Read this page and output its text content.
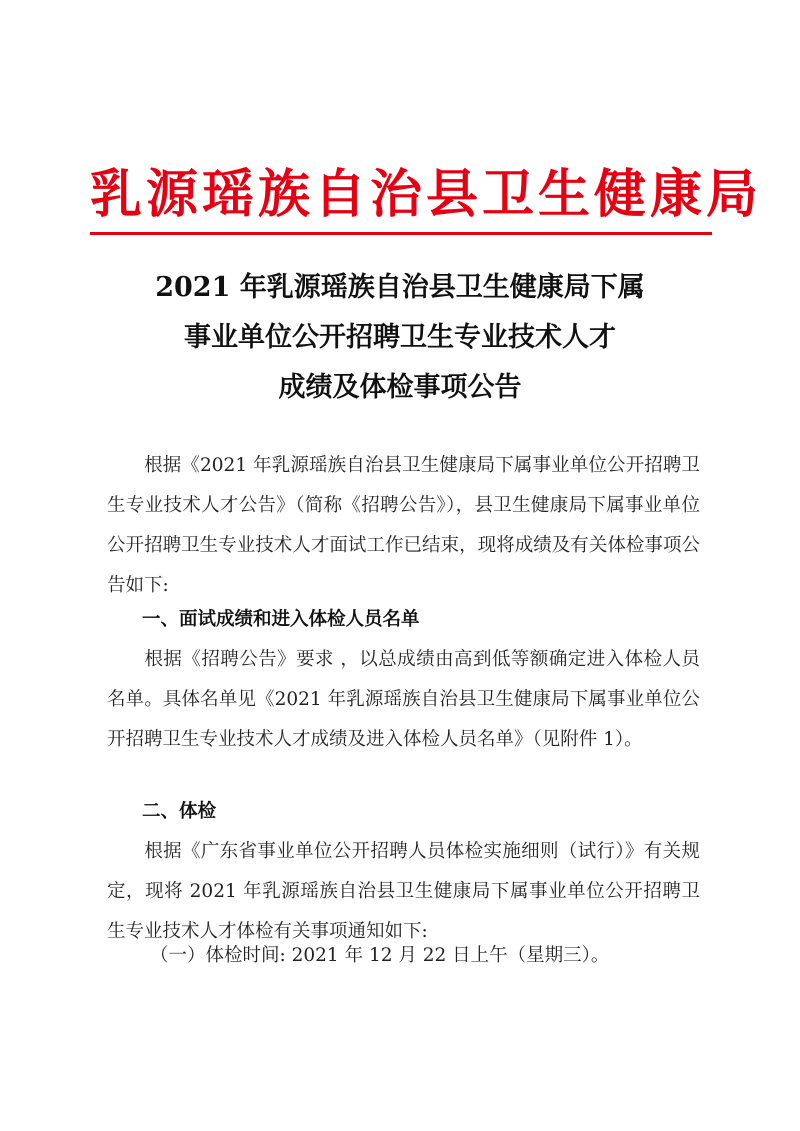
乳源瑶族自治县卫生健康局
2021 年乳源瑶族自治县卫生健康局下属
事业单位公开招聘卫生专业技术人才
成绩及体检事项公告
根据《2021 年乳源瑶族自治县卫生健康局下属事业单位公开招聘卫生专业技术人才公告》（简称《招聘公告》），县卫生健康局下属事业单位公开招聘卫生专业技术人才面试工作已结束，现将成绩及有关体检事项公告如下:
一、面试成绩和进入体检人员名单
根据《招聘公告》要求 ，以总成绩由高到低等额确定进入体检人员名单。具体名单见《2021 年乳源瑶族自治县卫生健康局下属事业单位公开招聘卫生专业技术人才成绩及进入体检人员名单》（见附件 1）。
二、体检
根据《广东省事业单位公开招聘人员体检实施细则（试行）》有关规定，现将 2021 年乳源瑶族自治县卫生健康局下属事业单位公开招聘卫生专业技术人才体检有关事项通知如下:
（一）体检时间: 2021 年 12 月 22 日上午（星期三）。
